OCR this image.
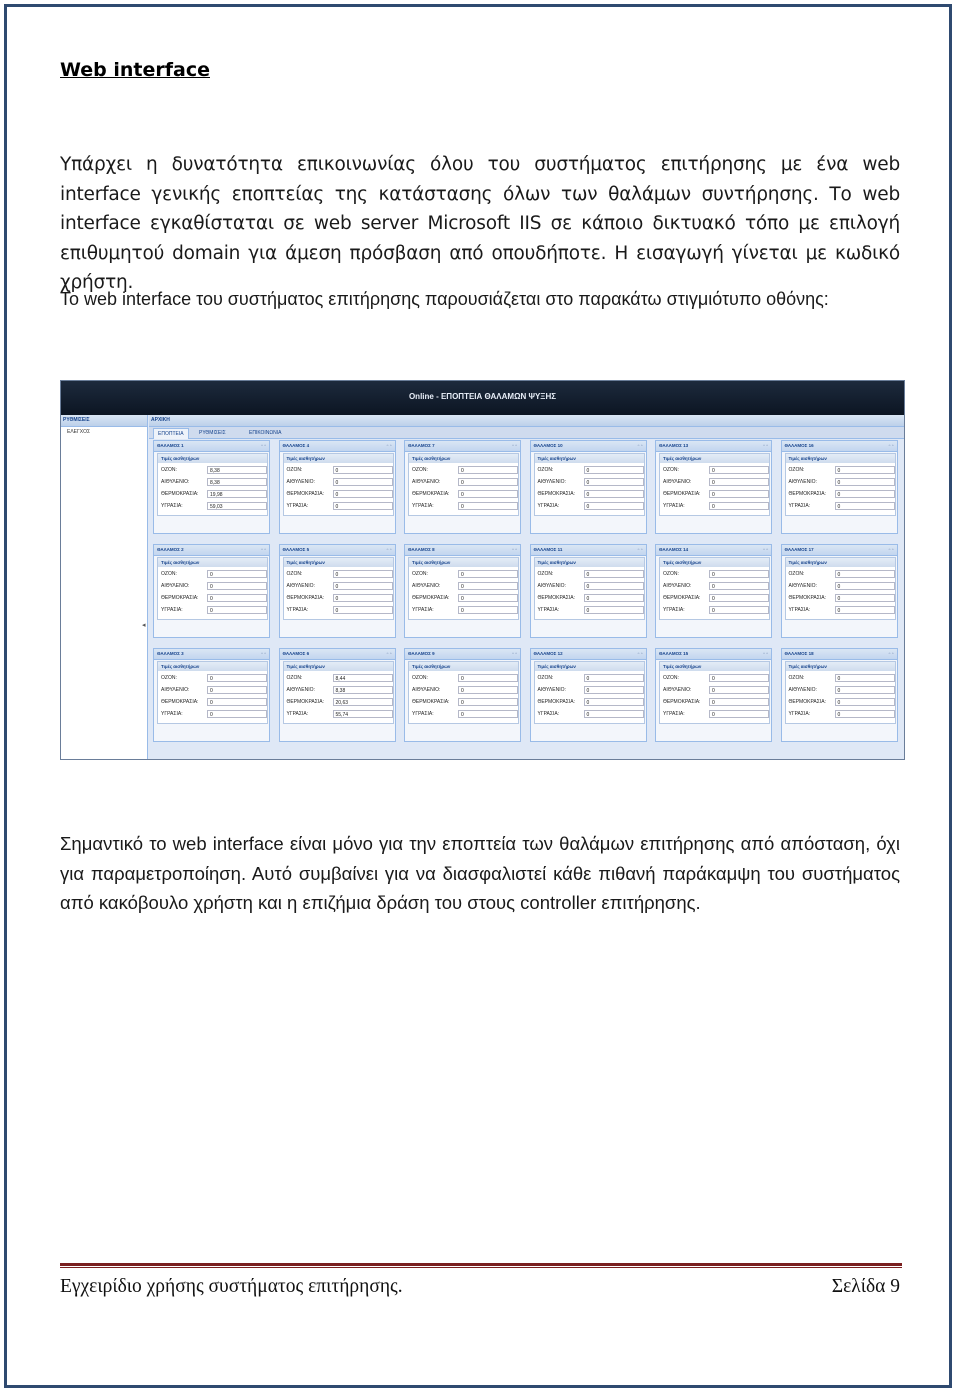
Web interface
Υπάρχει η δυνατότητα επικοινωνίας όλου του συστήματος επιτήρησης με ένα web interface γενικής εποπτείας της κατάστασης όλων των θαλάμων συντήρησης. Το web interface εγκαθίσταται σε web server Microsoft IIS σε κάποιο δικτυακό τόπο με επιλογή επιθυμητού domain για άμεση πρόσβαση από οπουδήποτε. Η εισαγωγή γίνεται με κωδικό χρήστη.
Το web interface του συστήματος επιτήρησης παρουσιάζεται στο παρακάτω στιγμιότυπο οθόνης:
Online - ΕΠΟΠΤΕΙΑ ΘΑΛΑΜΩΝ ΨΥΞΗΣ
ΡΥΘΜΙΣΕΙΣ
ΕΛΕΓΧΟΣ
◂
ΑΡΧΙΚΗ
ΕΠΟΠΤΕΙΑ	ΡΥΘΜΙΣΕΙΣ	ΕΠΙΚΟΙΝΩΝΙΑ
ΘΑΛΑΜΟΣ 1	▫ ▫
Τιμές αισθητήρων
ΟΖΟΝ:	8,38
ΑΙΘΥΛΕΝΙΟ:	8,38
ΘΕΡΜΟΚΡΑΣΙΑ:	19,98
ΥΓΡΑΣΙΑ:	59,03
ΘΑΛΑΜΟΣ 4	▫ ▫
Τιμές αισθητήρων
ΟΖΟΝ:	0
ΑΙΘΥΛΕΝΙΟ:	0
ΘΕΡΜΟΚΡΑΣΙΑ:	0
ΥΓΡΑΣΙΑ:	0
ΘΑΛΑΜΟΣ 7	▫ ▫
Τιμές αισθητήρων
ΟΖΟΝ:	0
ΑΙΘΥΛΕΝΙΟ:	0
ΘΕΡΜΟΚΡΑΣΙΑ:	0
ΥΓΡΑΣΙΑ:	0
ΘΑΛΑΜΟΣ 10	▫ ▫
Τιμές αισθητήρων
ΟΖΟΝ:	0
ΑΙΘΥΛΕΝΙΟ:	0
ΘΕΡΜΟΚΡΑΣΙΑ:	0
ΥΓΡΑΣΙΑ:	0
ΘΑΛΑΜΟΣ 13	▫ ▫
Τιμές αισθητήρων
ΟΖΟΝ:	0
ΑΙΘΥΛΕΝΙΟ:	0
ΘΕΡΜΟΚΡΑΣΙΑ:	0
ΥΓΡΑΣΙΑ:	0
ΘΑΛΑΜΟΣ 16	▫ ▫
Τιμές αισθητήρων
ΟΖΟΝ:	0
ΑΙΘΥΛΕΝΙΟ:	0
ΘΕΡΜΟΚΡΑΣΙΑ:	0
ΥΓΡΑΣΙΑ:	0
ΘΑΛΑΜΟΣ 2	▫ ▫
Τιμές αισθητήρων
ΟΖΟΝ:	0
ΑΙΘΥΛΕΝΙΟ:	0
ΘΕΡΜΟΚΡΑΣΙΑ:	0
ΥΓΡΑΣΙΑ:	0
ΘΑΛΑΜΟΣ 5	▫ ▫
Τιμές αισθητήρων
ΟΖΟΝ:	0
ΑΙΘΥΛΕΝΙΟ:	0
ΘΕΡΜΟΚΡΑΣΙΑ:	0
ΥΓΡΑΣΙΑ:	0
ΘΑΛΑΜΟΣ 8	▫ ▫
Τιμές αισθητήρων
ΟΖΟΝ:	0
ΑΙΘΥΛΕΝΙΟ:	0
ΘΕΡΜΟΚΡΑΣΙΑ:	0
ΥΓΡΑΣΙΑ:	0
ΘΑΛΑΜΟΣ 11	▫ ▫
Τιμές αισθητήρων
ΟΖΟΝ:	0
ΑΙΘΥΛΕΝΙΟ:	0
ΘΕΡΜΟΚΡΑΣΙΑ:	0
ΥΓΡΑΣΙΑ:	0
ΘΑΛΑΜΟΣ 14	▫ ▫
Τιμές αισθητήρων
ΟΖΟΝ:	0
ΑΙΘΥΛΕΝΙΟ:	0
ΘΕΡΜΟΚΡΑΣΙΑ:	0
ΥΓΡΑΣΙΑ:	0
ΘΑΛΑΜΟΣ 17	▫ ▫
Τιμές αισθητήρων
ΟΖΟΝ:	0
ΑΙΘΥΛΕΝΙΟ:	0
ΘΕΡΜΟΚΡΑΣΙΑ:	0
ΥΓΡΑΣΙΑ:	0
ΘΑΛΑΜΟΣ 3	▫ ▫
Τιμές αισθητήρων
ΟΖΟΝ:	0
ΑΙΘΥΛΕΝΙΟ:	0
ΘΕΡΜΟΚΡΑΣΙΑ:	0
ΥΓΡΑΣΙΑ:	0
ΘΑΛΑΜΟΣ 6	▫ ▫
Τιμές αισθητήρων
ΟΖΟΝ:	8,44
ΑΙΘΥΛΕΝΙΟ:	8,38
ΘΕΡΜΟΚΡΑΣΙΑ:	20,63
ΥΓΡΑΣΙΑ:	55,74
ΘΑΛΑΜΟΣ 9	▫ ▫
Τιμές αισθητήρων
ΟΖΟΝ:	0
ΑΙΘΥΛΕΝΙΟ:	0
ΘΕΡΜΟΚΡΑΣΙΑ:	0
ΥΓΡΑΣΙΑ:	0
ΘΑΛΑΜΟΣ 12	▫ ▫
Τιμές αισθητήρων
ΟΖΟΝ:	0
ΑΙΘΥΛΕΝΙΟ:	0
ΘΕΡΜΟΚΡΑΣΙΑ:	0
ΥΓΡΑΣΙΑ:	0
ΘΑΛΑΜΟΣ 15	▫ ▫
Τιμές αισθητήρων
ΟΖΟΝ:	0
ΑΙΘΥΛΕΝΙΟ:	0
ΘΕΡΜΟΚΡΑΣΙΑ:	0
ΥΓΡΑΣΙΑ:	0
ΘΑΛΑΜΟΣ 18	▫ ▫
Τιμές αισθητήρων
ΟΖΟΝ:	0
ΑΙΘΥΛΕΝΙΟ:	0
ΘΕΡΜΟΚΡΑΣΙΑ:	0
ΥΓΡΑΣΙΑ:	0
Σημαντικό το web interface είναι μόνο για την εποπτεία των θαλάμων επιτήρησης από απόσταση, όχι για παραμετροποίηση. Αυτό συμβαίνει για να διασφαλιστεί κάθε πιθανή παράκαμψη του συστήματος από κακόβουλο χρήστη και η επιζήμια δράση του στους controller επιτήρησης.
Εγχειρίδιο χρήσης συστήματος επιτήρησης.	Σελίδα 9
